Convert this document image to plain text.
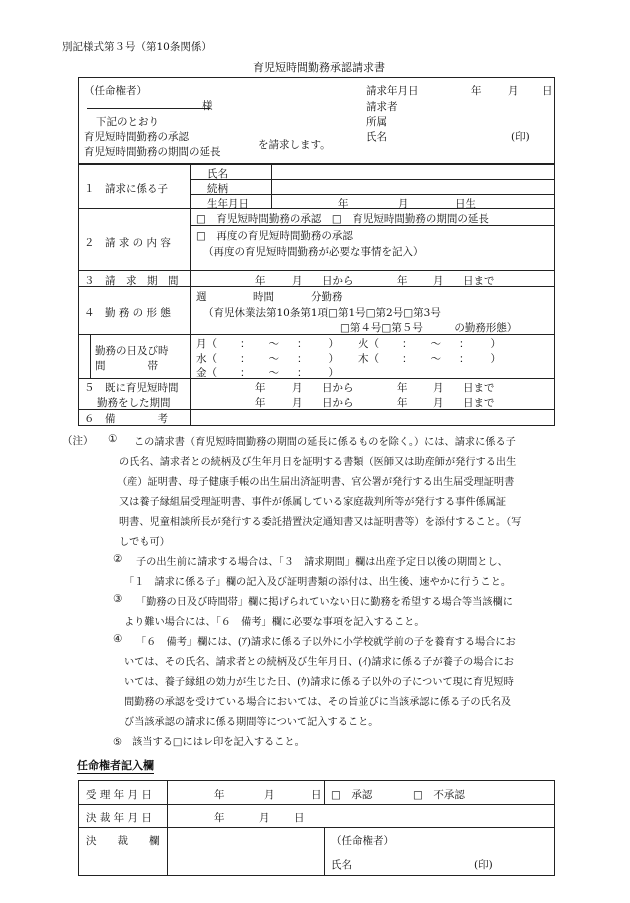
別記様式第３号（第10条関係）
育児短時間勤務承認請求書
（任命権者）
様
下記のとおり
育児短時間勤務の承認
育児短時間勤務の期間の延長
を請求します。
請求年月日	年	月 日
請求者
所属
氏名	(印)
１　請求に係る子
氏名
続柄
生年月日	年	月	日生
２　請 求 の 内 容
□　育児短時間勤務の承認　□　育児短時間勤務の期間の延長
□　再度の育児短時間勤務の承認
（再度の育児短時間勤務が必要な事情を記入）
３　請　求　期　間	年	月 日から	年 月 日まで
４　勤 務 の 形 態
週	時間	分勤務
（育児休業法第10条第1項□第1号□第2号□第3号
□第４号□第５号　　　の勤務形態）
勤務の日及び時
間　　　　帯
月（ ： 〜 ： ） 火（ ： 〜 ： ）
水（ ： 〜 ： ） 木（ ： 〜 ： ）
金（ ： 〜 ： ）
５　既に育児短時間
勤務をした期間
年	月 日から	年 月 日まで
年	月 日から	年 月 日まで
６　備　　　　考
（注） ① この請求書（育児短時間勤務の期間の延長に係るものを除く。）には、請求に係る子
の氏名、請求者との続柄及び生年月日を証明する書類（医師又は助産師が発行する出生
（産）証明書、母子健康手帳の出生届出済証明書、官公署が発行する出生届受理証明書
又は養子縁組届受理証明書、事件が係属している家庭裁判所等が発行する事件係属証
明書、児童相談所長が発行する委託措置決定通知書又は証明書等）を添付すること。（写
しでも可）
② 子の出生前に請求する場合は、「３　請求期間」欄は出産予定日以後の期間とし、
「１　請求に係る子」欄の記入及び証明書類の添付は、出生後、速やかに行うこと。
③ 「勤務の日及び時間帯」欄に掲げられていない日に勤務を希望する場合等当該欄に
より難い場合には、「６　備考」欄に必要な事項を記入すること。
④ 「６　備考」欄には、(ｱ)請求に係る子以外に小学校就学前の子を養育する場合にお
いては、その氏名、請求者との続柄及び生年月日、(ｲ)請求に係る子が養子の場合にお
いては、養子縁組の効力が生じた日、(ｳ)請求に係る子以外の子について現に育児短時
間勤務の承認を受けている場合においては、その旨並びに当該承認に係る子の氏名及
び当該承認の請求に係る期間等について記入すること。
⑤ 該当する□にはレ印を記入すること。
任命権者記入欄
受 理 年 月 日	年	月	日 □　承認	□　不承認
決 裁 年 月 日	年	月 日
決　　裁　　欄	（任命権者）
氏名	(印)
